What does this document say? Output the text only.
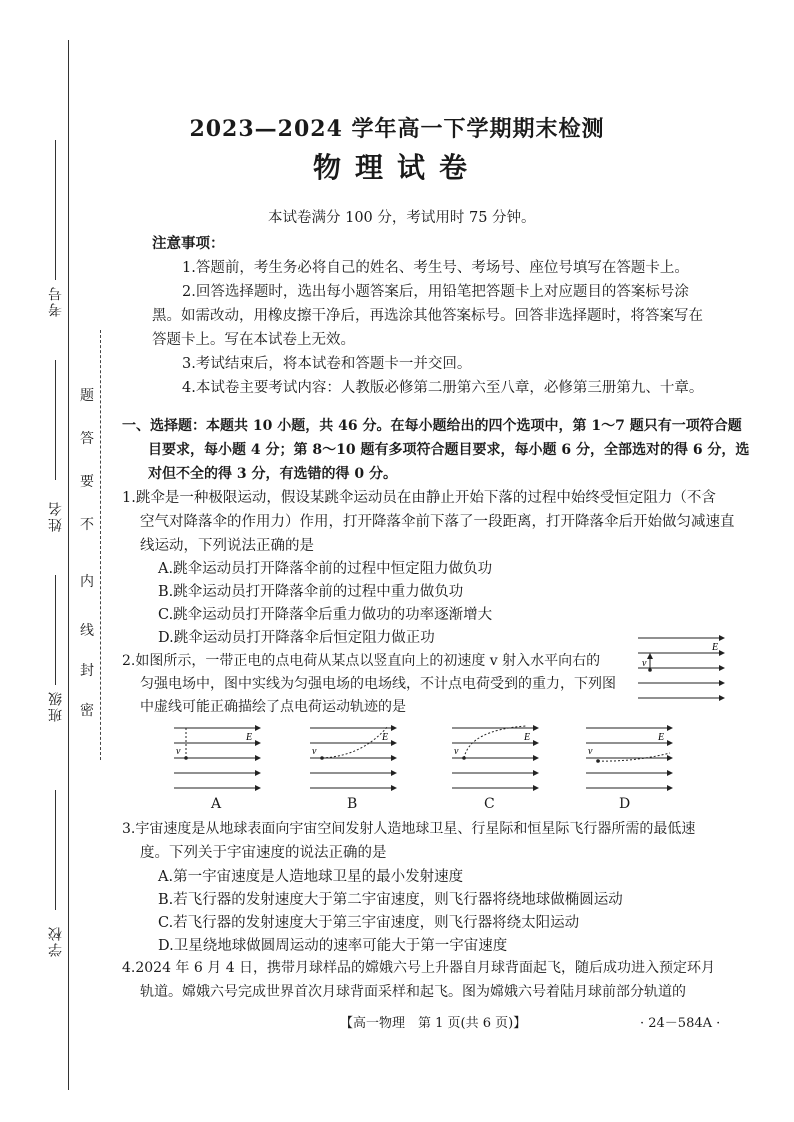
考号
姓名
班级
学校
题
答
要
不
内
线
封
密
2023—2024 学年高一下学期期末检测
物理试卷
本试卷满分 100 分，考试用时 75 分钟。
注意事项：
1.答题前，考生务必将自己的姓名、考生号、考场号、座位号填写在答题卡上。
2.回答选择题时，选出每小题答案后，用铅笔把答题卡上对应题目的答案标号涂
黑。如需改动，用橡皮擦干净后，再选涂其他答案标号。回答非选择题时，将答案写在
答题卡上。写在本试卷上无效。
3.考试结束后，将本试卷和答题卡一并交回。
4.本试卷主要考试内容：人教版必修第二册第六至八章，必修第三册第九、十章。
一、选择题：本题共 10 小题，共 46 分。在每小题给出的四个选项中，第 1～7 题只有一项符合题
目要求，每小题 4 分；第 8～10 题有多项符合题目要求，每小题 6 分，全部选对的得 6 分，选
对但不全的得 3 分，有选错的得 0 分。
1.跳伞是一种极限运动，假设某跳伞运动员在由静止开始下落的过程中始终受恒定阻力（不含
空气对降落伞的作用力）作用，打开降落伞前下落了一段距离，打开降落伞后开始做匀减速直
线运动，下列说法正确的是
A.跳伞运动员打开降落伞前的过程中恒定阻力做负功
B.跳伞运动员打开降落伞前的过程中重力做负功
C.跳伞运动员打开降落伞后重力做功的功率逐渐增大
D.跳伞运动员打开降落伞后恒定阻力做正功
2.如图所示，一带正电的点电荷从某点以竖直向上的初速度 v 射入水平向右的
匀强电场中，图中实线为匀强电场的电场线，不计点电荷受到的重力，下列图
中虚线可能正确描绘了点电荷运动轨迹的是
v
E
v
E
A
v
E
B
v
E
C
v
E
D
3.宇宙速度是从地球表面向宇宙空间发射人造地球卫星、行星际和恒星际飞行器所需的最低速
度。下列关于宇宙速度的说法正确的是
A.第一宇宙速度是人造地球卫星的最小发射速度
B.若飞行器的发射速度大于第二宇宙速度，则飞行器将绕地球做椭圆运动
C.若飞行器的发射速度大于第三宇宙速度，则飞行器将绕太阳运动
D.卫星绕地球做圆周运动的速率可能大于第一宇宙速度
4.2024 年 6 月 4 日，携带月球样品的嫦娥六号上升器自月球背面起飞，随后成功进入预定环月
轨道。嫦娥六号完成世界首次月球背面采样和起飞。图为嫦娥六号着陆月球前部分轨道的
【高一物理　第 1 页(共 6 页)】	· 24－584A ·
